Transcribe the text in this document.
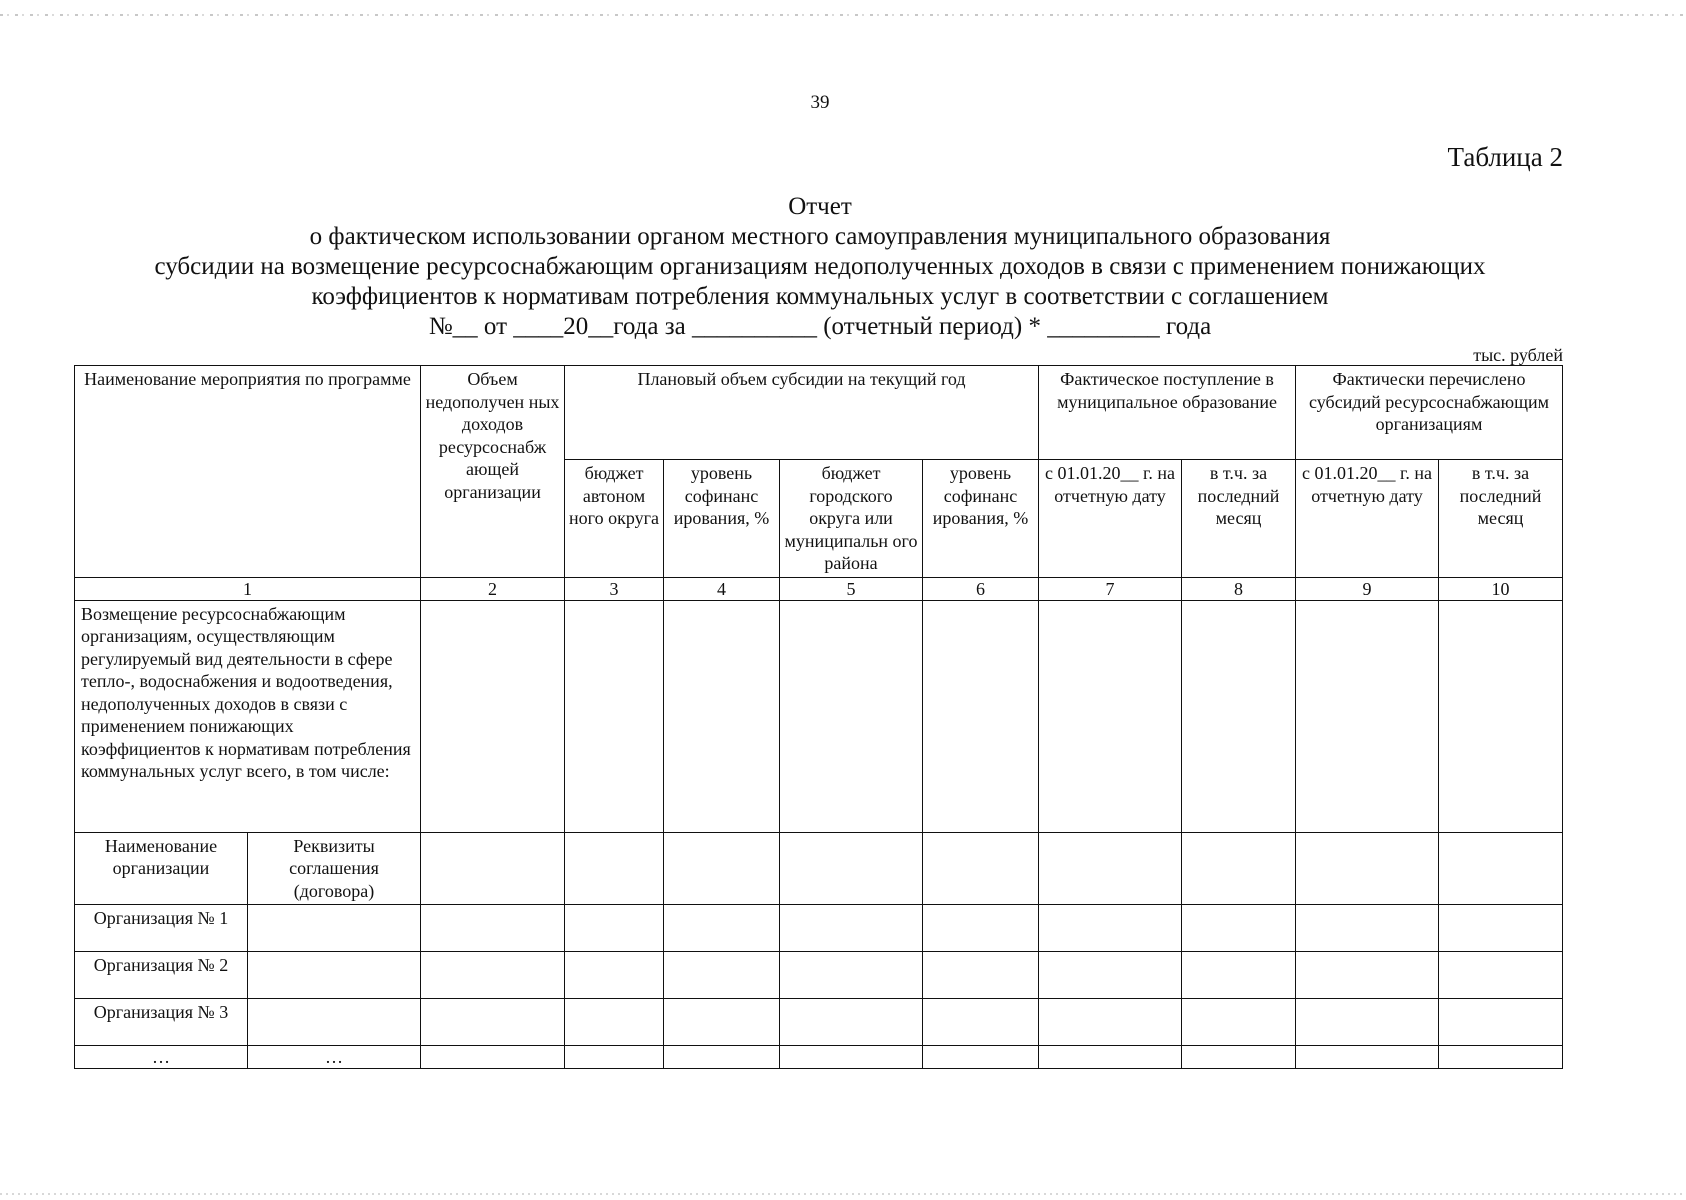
39
Таблица 2
Отчет
о фактическом использовании органом местного самоуправления муниципального образования
субсидии на возмещение ресурсоснабжающим организациям недополученных доходов в связи с применением понижающих
коэффициентов к нормативам потребления коммунальных услуг в соответствии с соглашением
№__ от ____20__года за __________ (отчетный период) * _________ года
тыс. рублей
Наименование мероприятия по программе		Объем недополучен ных доходов ресурсоснабж ающей организации	Плановый объем субсидии на текущий год				Фактическое поступление в муниципальное образование		Фактически перечислено субсидий ресурсоснабжающим организациям	
			бюджет автоном ного округа	уровень софинанс ирования, %	бюджет городского округа или муниципальн ого района	уровень софинанс ирования, %	с 01.01.20__ г. на отчетную дату	в т.ч. за последний месяц	с 01.01.20__ г. на отчетную дату	в т.ч. за последний месяц
1		2	3	4	5	6	7	8	9	10
Возмещение ресурсоснабжающим организациям, осуществляющим регулируемый вид деятельности в сфере тепло-, водоснабжения и водоотведения, недополученных доходов в связи с применением понижающих коэффициентов к нормативам потребления коммунальных услуг всего, в том числе:										
Наименование организации	Реквизиты соглашения (договора)									
Организация № 1										
Организация № 2										
Организация № 3										
…	…									
